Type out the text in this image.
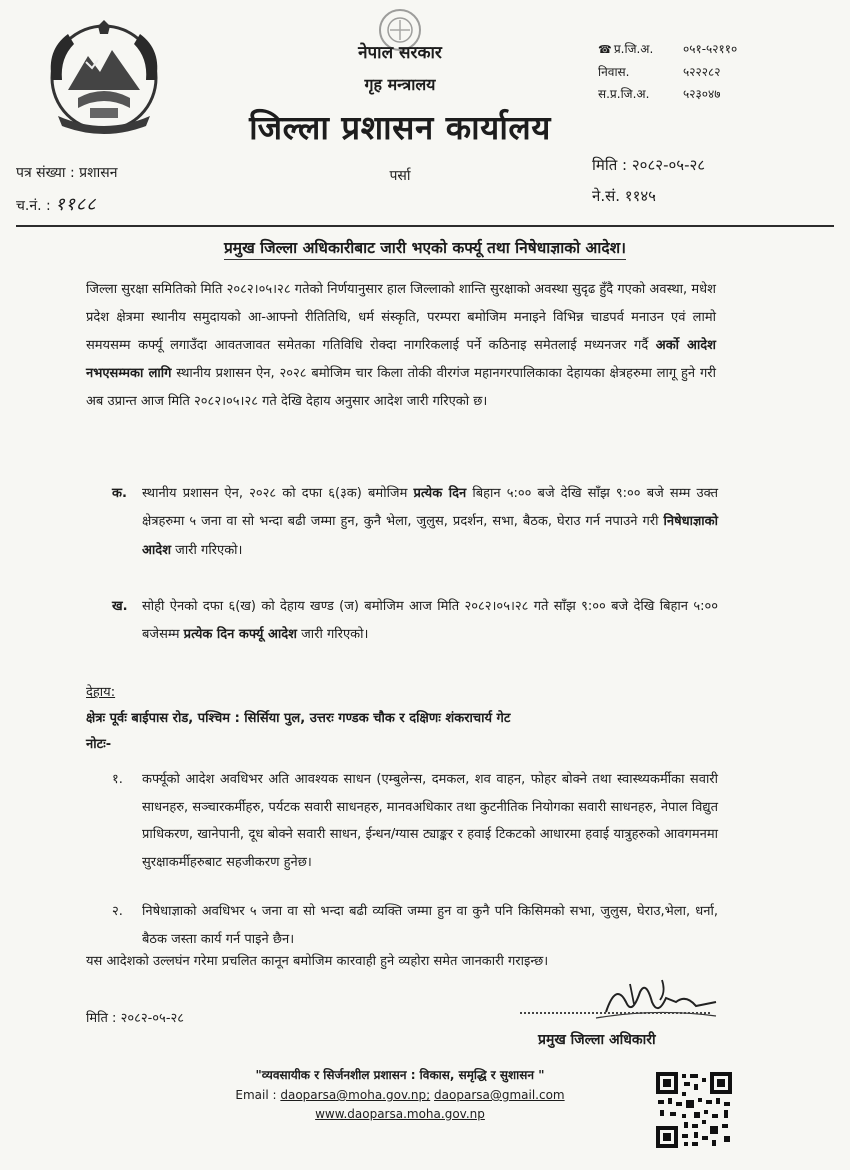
नेपाल सरकार
गृह मन्त्रालय
जिल्ला प्रशासन कार्यालय
पर्सा
☎ प्र.जि.अ.	०५१-५२११०
निवास.	५२२२८२
स.प्र.जि.अ.	५२३०४७
पत्र संख्या : प्रशासन
च.नं. : ११८८
मिति : २०८२-०५-२८
ने.सं. ११४५
प्रमुख जिल्ला अधिकारीबाट जारी भएको कर्फ्यू तथा निषेधाज्ञाको आदेश।
जिल्ला सुरक्षा समितिको मिति २०८२।०५।२८ गतेको निर्णयानुसार हाल जिल्लाको शान्ति सुरक्षाको अवस्था सुदृढ हुँदै गएको अवस्था, मधेश प्रदेश क्षेत्रमा स्थानीय समुदायको आ-आफ्नो रीतितिथि, धर्म संस्कृति, परम्परा बमोजिम मनाइने विभिन्न चाडपर्व मनाउन एवं लामो समयसम्म कर्फ्यू लगाउँदा आवतजावत समेतका गतिविधि रोक्दा नागरिकलाई पर्ने कठिनाइ समेतलाई मध्यनजर गर्दै अर्को आदेश नभएसम्मका लागि स्थानीय प्रशासन ऐन, २०२८ बमोजिम चार किला तोकी वीरगंज महानगरपालिकाका देहायका क्षेत्रहरुमा लागू हुने गरी अब उप्रान्त आज मिति २०८२।०५।२८ गते देखि देहाय अनुसार आदेश जारी गरिएको छ।
क.	स्थानीय प्रशासन ऐन, २०२८ को दफा ६(३क) बमोजिम प्रत्येक दिन बिहान ५:०० बजे देखि साँझ ९:०० बजे सम्म उक्त क्षेत्रहरुमा ५ जना वा सो भन्दा बढी जम्मा हुन, कुनै भेला, जुलुस, प्रदर्शन, सभा, बैठक, घेराउ गर्न नपाउने गरी निषेधाज्ञाको आदेश जारी गरिएको।
ख.	सोही ऐनको दफा ६(ख) को देहाय खण्ड (ज) बमोजिम आज मिति २०८२।०५।२८ गते साँझ ९:०० बजे देखि बिहान ५:०० बजेसम्म प्रत्येक दिन कर्फ्यू आदेश जारी गरिएको।
देहाय:
क्षेत्रः पूर्वः बाईपास रोड, पश्चिम : सिर्सिया पुल, उत्तरः गण्डक चौक र दक्षिणः शंकराचार्य गेट
नोटः-
१.	कर्फ्यूको आदेश अवधिभर अति आवश्यक साधन (एम्बुलेन्स, दमकल, शव वाहन, फोहर बोक्ने तथा स्वास्थ्यकर्मीका सवारी साधनहरु, सञ्चारकर्मीहरु, पर्यटक सवारी साधनहरु, मानवअधिकार तथा कुटनीतिक नियोगका सवारी साधनहरु, नेपाल विद्युत प्राधिकरण, खानेपानी, दूध बोक्ने सवारी साधन, ईन्धन/ग्यास ट्याङ्कर र हवाई टिकटको आधारमा हवाई यात्रुहरुको आवगमनमा सुरक्षाकर्मीहरुबाट सहजीकरण हुनेछ।
२.	निषेधाज्ञाको अवधिभर ५ जना वा सो भन्दा बढी व्यक्ति जम्मा हुन वा कुनै पनि किसिमको सभा, जुलुस, घेराउ,भेला, धर्ना, बैठक जस्ता कार्य गर्न पाइने छैन।
यस आदेशको उल्लघंन गरेमा प्रचलित कानून बमोजिम कारवाही हुने व्यहोरा समेत जानकारी गराइन्छ।
मिति : २०८२-०५-२८
प्रमुख जिल्ला अधिकारी
"व्यवसायीक र सिर्जनशील प्रशासन : विकास, समृद्धि र सुशासन "
Email : daoparsa@moha.gov.np; daoparsa@gmail.com
www.daoparsa.moha.gov.np
